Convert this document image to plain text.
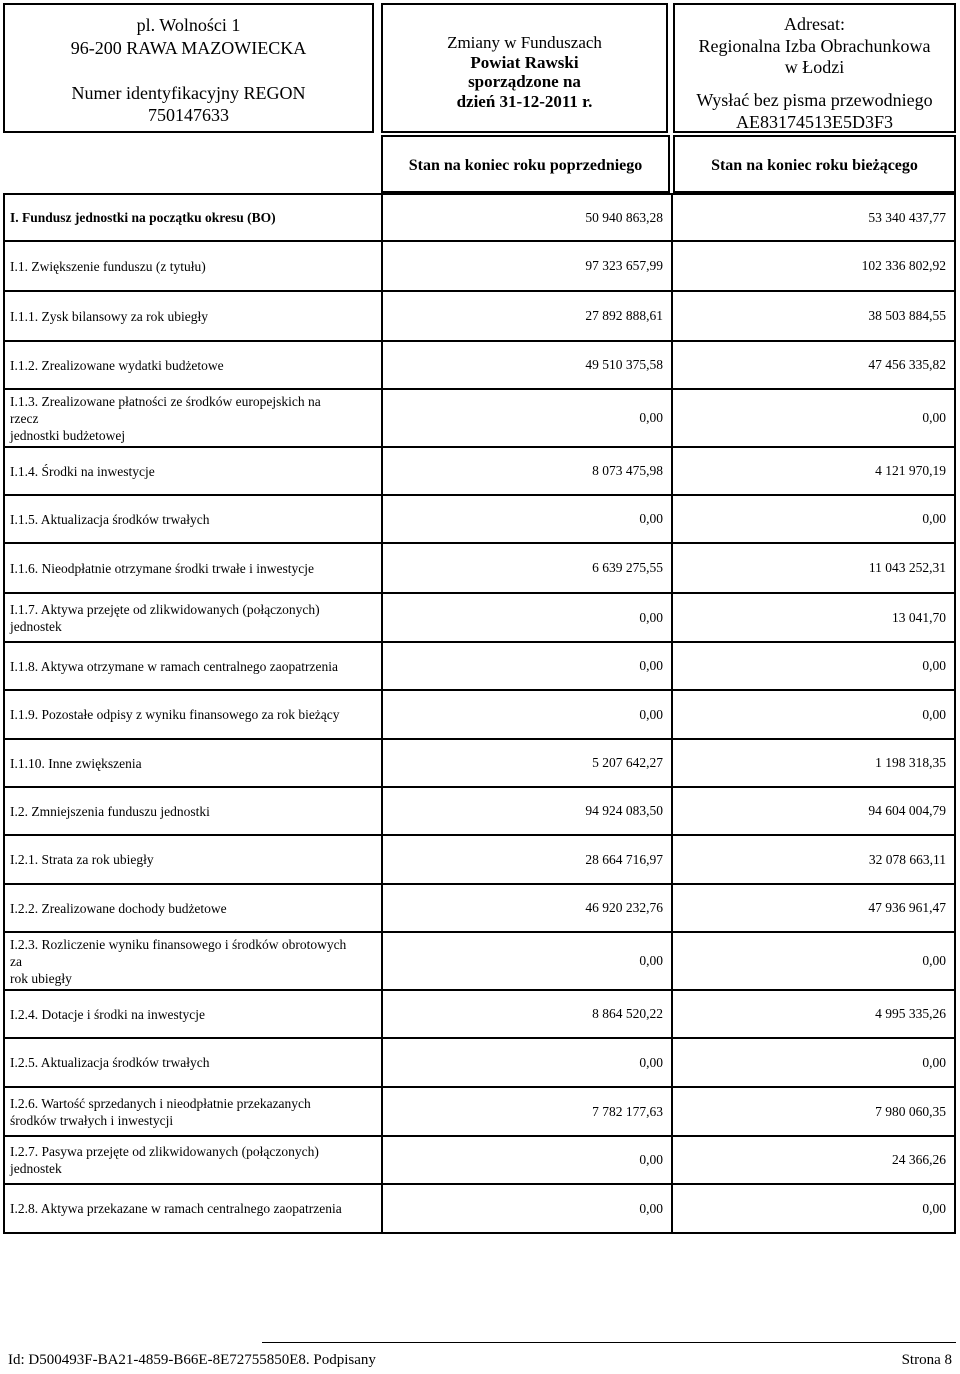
pl. Wolności 1
96-200 RAWA MAZOWIECKA
Numer identyfikacyjny REGON
750147633
Zmiany w Funduszach
Powiat Rawski
sporządzone na
dzień 31-12-2011 r.
Adresat:
Regionalna Izba Obrachunkowa
w Łodzi
Wysłać bez pisma przewodniego
AE83174513E5D3F3
Stan na koniec roku poprzedniego	Stan na koniec roku bieżącego
I. Fundusz jednostki na początku okresu (BO)	50 940 863,28	53 340 437,77
I.1. Zwiększenie funduszu (z tytułu)	97 323 657,99	102 336 802,92
I.1.1. Zysk bilansowy za rok ubiegły	27 892 888,61	38 503 884,55
I.1.2. Zrealizowane wydatki budżetowe	49 510 375,58	47 456 335,82
I.1.3. Zrealizowane płatności ze środków europejskich na
rzecz
jednostki budżetowej
0,00	0,00
I.1.4. Środki na inwestycje	8 073 475,98	4 121 970,19
I.1.5. Aktualizacja środków trwałych	0,00	0,00
I.1.6. Nieodpłatnie otrzymane środki trwałe i inwestycje	6 639 275,55	11 043 252,31
I.1.7. Aktywa przejęte od zlikwidowanych (połączonych)
jednostek
0,00	13 041,70
I.1.8. Aktywa otrzymane w ramach centralnego zaopatrzenia	0,00	0,00
I.1.9. Pozostałe odpisy z wyniku finansowego za rok bieżący	0,00	0,00
I.1.10. Inne zwiększenia	5 207 642,27	1 198 318,35
I.2. Zmniejszenia funduszu jednostki	94 924 083,50	94 604 004,79
I.2.1. Strata za rok ubiegły	28 664 716,97	32 078 663,11
I.2.2. Zrealizowane dochody budżetowe	46 920 232,76	47 936 961,47
I.2.3. Rozliczenie wyniku finansowego i środków obrotowych
za
rok ubiegły
0,00	0,00
I.2.4. Dotacje i środki na inwestycje	8 864 520,22	4 995 335,26
I.2.5. Aktualizacja środków trwałych	0,00	0,00
I.2.6. Wartość sprzedanych i nieodpłatnie przekazanych
środków trwałych i inwestycji
7 782 177,63	7 980 060,35
I.2.7. Pasywa przejęte od zlikwidowanych (połączonych)
jednostek
0,00	24 366,26
I.2.8. Aktywa przekazane w ramach centralnego zaopatrzenia	0,00	0,00
Id: D500493F-BA21-4859-B66E-8E72755850E8. Podpisany	Strona 8
